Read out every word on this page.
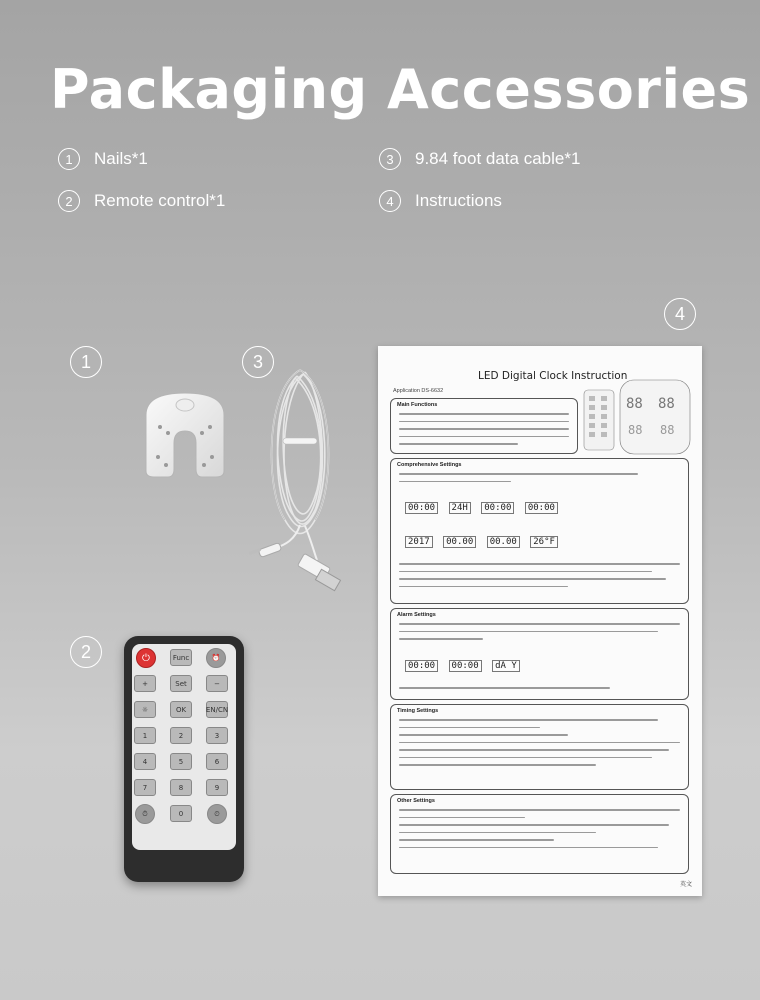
Packaging Accessories
1	Nails*1
2	Remote control*1
3	9.84 foot data cable*1
4	Instructions
1	3
2
4
⏻	Func	⏰
+	Set	−
☼	OK	EN/CN
1	2	3
4	5	6
7	8	9
⏱	0	⏲
LED Digital Clock Instruction
Application DS-6632
88 88
88 88
Main Functions
Comprehensive Settings
00:00 24H 00:00 00:00
2017 00.00 00.00 26°F
Alarm Settings
00:00 00:00 dA Y
Timing Settings
Other Settings
英文
